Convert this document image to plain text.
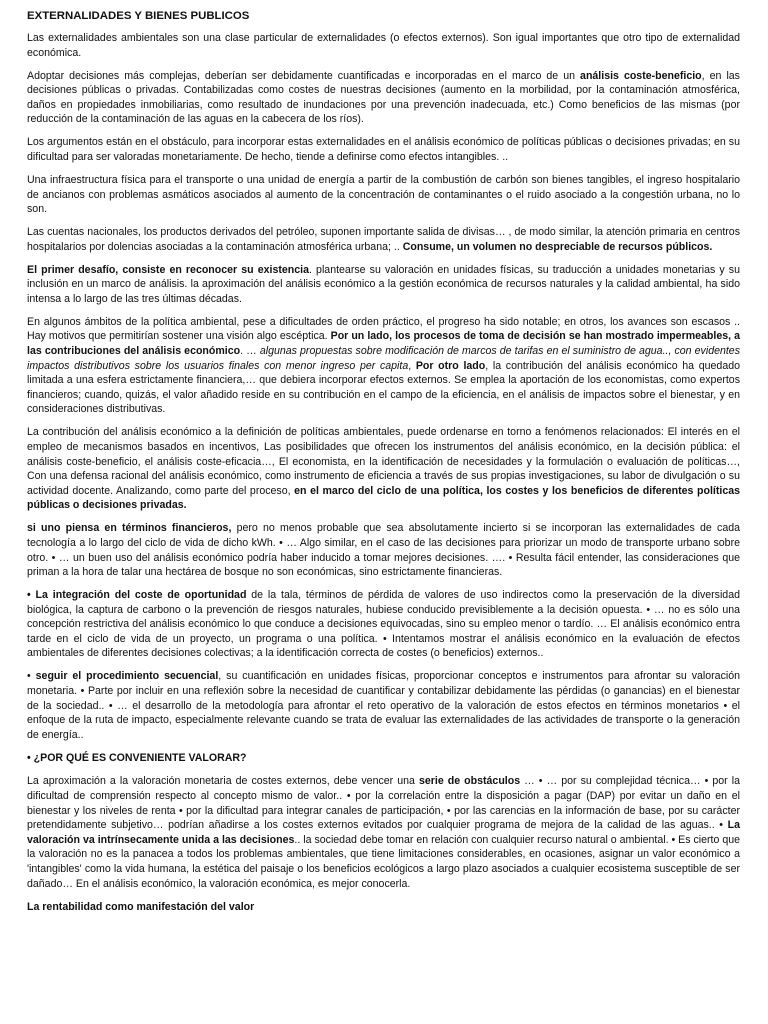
EXTERNALIDADES Y BIENES PUBLICOS

Las externalidades ambientales son una clase particular de externalidades (o efectos externos). Son igual importantes que otro tipo de externalidad económica.

Adoptar decisiones más complejas, deberían ser debidamente cuantificadas e incorporadas en el marco de un análisis coste-beneficio, en las decisiones públicas o privadas. Contabilizadas como costes de nuestras decisiones (aumento en la morbilidad, por la contaminación atmosférica, daños en propiedades inmobiliarias, como resultado de inundaciones por una prevención inadecuada, etc.) Como beneficios de las mismas (por reducción de la contaminación de las aguas en la cabecera de los ríos).

Los argumentos están en el obstáculo, para incorporar estas externalidades en el análisis económico de políticas públicas o decisiones privadas; en su dificultad para ser valoradas monetariamente. De hecho, tiende a definirse como efectos intangibles. ..

Una infraestructura física para el transporte o una unidad de energía a partir de la combustión de carbón son bienes tangibles, el ingreso hospitalario de ancianos con problemas asmáticos asociados al aumento de la concentración de contaminantes o el ruido asociado a la congestión urbana, no lo son.

Las cuentas nacionales, los productos derivados del petróleo, suponen importante salida de divisas… , de modo similar, la atención primaria en centros hospitalarios por dolencias asociadas a la contaminación atmosférica urbana; .. Consume, un volumen no despreciable de recursos públicos.

El primer desafío, consiste en reconocer su existencia. plantearse su valoración en unidades físicas, su traducción a unidades monetarias y su inclusión en un marco de análisis. la aproximación del análisis económico a la gestión económica de recursos naturales y la calidad ambiental, ha sido intensa a lo largo de las tres últimas décadas.

En algunos ámbitos de la política ambiental, pese a dificultades de orden práctico, el progreso ha sido notable; en otros, los avances son escasos .. Hay motivos que permitirían sostener una visión algo escéptica. Por un lado, los procesos de toma de decisión se han mostrado impermeables, a las contribuciones del análisis económico. … algunas propuestas sobre modificación de marcos de tarifas en el suministro de agua.., con evidentes impactos distributivos sobre los usuarios finales con menor ingreso per capita, Por otro lado, la contribución del análisis económico ha quedado limitada a una esfera estrictamente financiera,… que debiera incorporar efectos externos. Se emplea la aportación de los economistas, como expertos financieros; cuando, quizás, el valor añadido reside en su contribución en el campo de la eficiencia, en el análisis de impactos sobre el bienestar, y en consideraciones distributivas.

La contribución del análisis económico a la definición de políticas ambientales, puede ordenarse en torno a fenómenos relacionados: El interés en el empleo de mecanismos basados en incentivos, Las posibilidades que ofrecen los instrumentos del análisis económico, en la decisión pública: el análisis coste-beneficio, el análisis coste-eficacia…, El economista, en la identificación de necesidades y la formulación o evaluación de políticas…, Con una defensa racional del análisis económico, como instrumento de eficiencia a través de sus propias investigaciones, su labor de divulgación o su actividad docente. Analizando, como parte del proceso, en el marco del ciclo de una política, los costes y los beneficios de diferentes políticas públicas o decisiones privadas.

si uno piensa en términos financieros, pero no menos probable que sea absolutamente incierto si se incorporan las externalidades de cada tecnología a lo largo del ciclo de vida de dicho kWh. • … Algo similar, en el caso de las decisiones para priorizar un modo de transporte urbano sobre otro. • … un buen uso del análisis económico podría haber inducido a tomar mejores decisiones. …. • Resulta fácil entender, las consideraciones que priman a la hora de talar una hectárea de bosque no son económicas, sino estrictamente financieras.

• La integración del coste de oportunidad de la tala, términos de pérdida de valores de uso indirectos como la preservación de la diversidad biológica, la captura de carbono o la prevención de riesgos naturales, hubiese conducido previsiblemente a la decisión opuesta. • … no es sólo una concepción restrictiva del análisis económico lo que conduce a decisiones equivocadas, sino su empleo menor o tardío. … El análisis económico entra tarde en el ciclo de vida de un proyecto, un programa o una política. • Intentamos mostrar el análisis económico en la evaluación de efectos ambientales de diferentes decisiones colectivas; a la identificación correcta de costes (o beneficios) externos..

• seguir el procedimiento secuencial, su cuantificación en unidades físicas, proporcionar conceptos e instrumentos para afrontar su valoración monetaria. • Parte por incluir en una reflexión sobre la necesidad de cuantificar y contabilizar debidamente las pérdidas (o ganancias) en el bienestar de la sociedad.. • … el desarrollo de la metodología para afrontar el reto operativo de la valoración de estos efectos en términos monetarios • el enfoque de la ruta de impacto, especialmente relevante cuando se trata de evaluar las externalidades de las actividades de transporte o la generación de energía..

• ¿POR QUÉ ES CONVENIENTE VALORAR?

La aproximación a la valoración monetaria de costes externos, debe vencer una serie de obstáculos … • … por su complejidad técnica… • por la dificultad de comprensión respecto al concepto mismo de valor.. • por la correlación entre la disposición a pagar (DAP) por evitar un daño en el bienestar y los niveles de renta • por la dificultad para integrar canales de participación, • por las carencias en la información de base, por su carácter pretendidamente subjetivo… podrían añadirse a los costes externos evitados por cualquier programa de mejora de la calidad de las aguas.. • La valoración va intrínsecamente unida a las decisiones.. la sociedad debe tomar en relación con cualquier recurso natural o ambiental. • Es cierto que la valoración no es la panacea a todos los problemas ambientales, que tiene limitaciones considerables, en ocasiones, asignar un valor económico a 'intangibles' como la vida humana, la estética del paisaje o los beneficios ecológicos a largo plazo asociados a cualquier ecosistema susceptible de ser dañado… En el análisis económico, la valoración económica, es mejor conocerla.

La rentabilidad como manifestación del valor
